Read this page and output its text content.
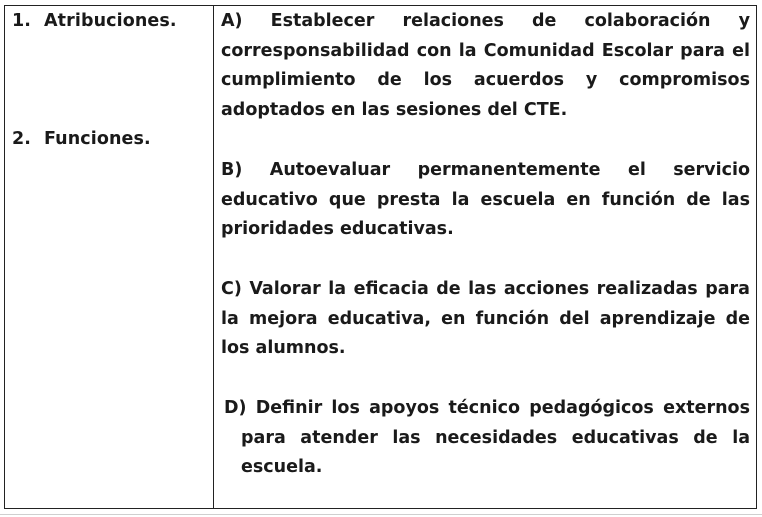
1. Atribuciones.
2. Funciones.
A) Establecer relaciones de colaboración y corresponsabilidad con la Comunidad Escolar para el cumplimiento de los acuerdos y compromisos adoptados en las sesiones del CTE.
B) Autoevaluar permanentemente el servicio educativo que presta la escuela en función de las prioridades educativas.
C) Valorar la eficacia de las acciones realizadas para la mejora educativa, en función del aprendizaje de los alumnos.
D) Definir los apoyos técnico pedagógicos externos para atender las necesidades educativas de la escuela.
